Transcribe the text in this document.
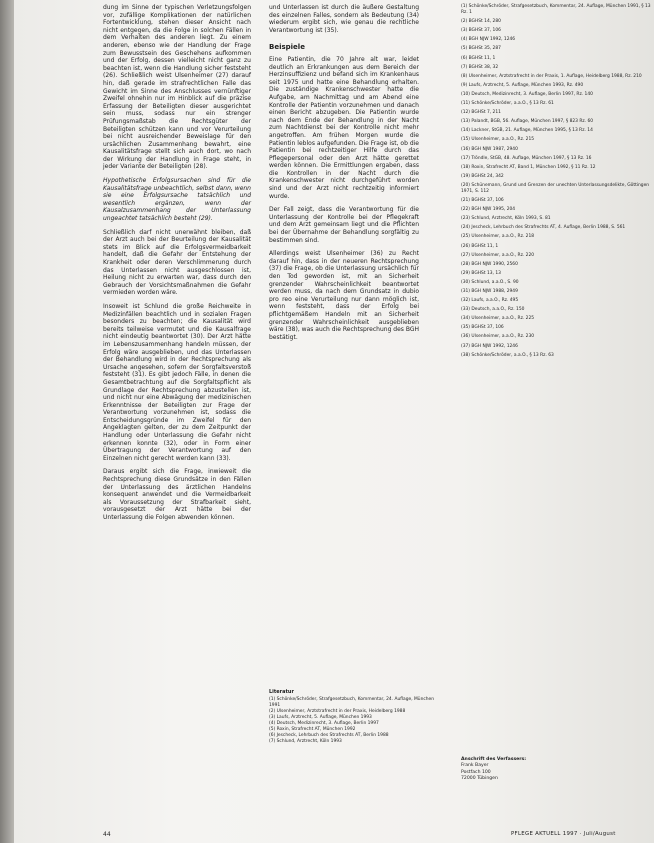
dung im Sinne der typischen Verletzungsfolgen vor, zufällige Komplikationen der natürlichen Fortentwicklung, stehen dieser Ansicht nach nicht entgegen, da die Folge in solchen Fällen in dem Verhalten des anderen liegt. Zu einem anderen, ebenso wie der Handlung der Frage zum Bewusstsein des Geschehens aufkommen und der Erfolg, dessen vielleicht nicht ganz zu beachten ist, wenn die Handlung sicher feststeht (26). Schließlich weist Ulsenheimer (27) darauf hin, daß gerade im strafrechtlichen Falle das Gewicht im Sinne des Anschlusses vernünftiger Zweifel ohnehin nur im Hinblick auf die präzise Erfassung der Beteiligten dieser ausgerichtet sein muss, sodass nur ein strenger Prüfungsmaßstab die Rechtsgüter der Beteiligten schützen kann und vor Verurteilung bei nicht ausreichender Beweislage für den ursächlichen Zusammenhang bewahrt, eine Kausalitätsfrage stellt sich auch dort, wo nach der Wirkung der Handlung in Frage steht, in jeder Variante der Beteiligten (28).

Hypothetische Erfolgsursachen sind für die Kausalitätsfrage unbeachtlich, selbst dann, wenn sie eine Erfolgsursache tatsächlich und wesentlich ergänzen, wenn der Kausalzusammenhang der Unterlassung ungeachtet tatsächlich besteht (29).

Schließlich darf nicht unerwähnt bleiben, daß der Arzt auch bei der Beurteilung der Kausalität stets im Blick auf die Erfolgsvermeidbarkeit handelt, daß die Gefahr der Entstehung der Krankheit oder deren Verschlimmerung durch das Unterlassen nicht ausgeschlossen ist, Heilung nicht zu erwarten war, dass durch den Gebrauch der Vorsichtsmaßnahmen die Gefahr vermieden worden wäre.

Insoweit ist Schlund die große Reichweite in Medizinfällen beachtlich und in sozialen Fragen besonders zu beachten; die Kausalität wird bereits teilweise vermutet und die Kausalfrage nicht eindeutig beantwortet (30). Der Arzt hätte im Lebenszusammenhang handeln müssen, der Erfolg wäre ausgeblieben, und das Unterlassen der Behandlung wird in der Rechtsprechung als Ursache angesehen, sofern der Sorgfaltsverstoß feststeht (31). Es gibt jedoch Fälle, in denen die Gesamtbetrachtung auf die Sorgfaltspflicht als Grundlage der Rechtsprechung abzustellen ist, und nicht nur eine Abwägung der medizinischen Erkenntnisse der Beteiligten zur Frage der Verantwortung vorzunehmen ist, sodass die Entscheidungsgründe im Zweifel für den Angeklagten gelten, der zu dem Zeitpunkt der Handlung oder Unterlassung die Gefahr nicht erkennen konnte (32), oder in Form einer Übertragung der Verantwortung auf den Einzelnen nicht gerecht werden kann (33).

Daraus ergibt sich die Frage, inwieweit die Rechtsprechung diese Grundsätze in den Fällen der Unterlassung des ärztlichen Handelns konsequent anwendet und die Vermeidbarkeit als Voraussetzung der Strafbarkeit sieht, vorausgesetzt der Arzt hätte bei der Unterlassung die Folgen abwenden können.

und Unterlassen ist durch die äußere Gestaltung des einzelnen Falles, sondern als Bedeutung (34) wiederum ergibt sich, wie genau die rechtliche Verantwortung ist (35).

Beispiele

Eine Patientin, die 70 Jahre alt war, leidet deutlich an Erkrankungen aus dem Bereich der Herzinsuffizienz und befand sich im Krankenhaus seit 1975 und hatte eine Behandlung erhalten. Die zuständige Krankenschwester hatte die Aufgabe, am Nachmittag und am Abend eine Kontrolle der Patientin vorzunehmen und danach einen Bericht abzugeben. Die Patientin wurde nach dem Ende der Behandlung in der Nacht zum Nachtdienst bei der Kontrolle nicht mehr angetroffen. Am frühen Morgen wurde die Patientin leblos aufgefunden. Die Frage ist, ob die Patientin bei rechtzeitiger Hilfe durch das Pflegepersonal oder den Arzt hätte gerettet werden können. Die Ermittlungen ergaben, dass die Kontrollen in der Nacht durch die Krankenschwester nicht durchgeführt worden sind und der Arzt nicht rechtzeitig informiert wurde.

Der Fall zeigt, dass die Verantwortung für die Unterlassung der Kontrolle bei der Pflegekraft und dem Arzt gemeinsam liegt und die Pflichten bei der Übernahme der Behandlung sorgfältig zu bestimmen sind.

Allerdings weist Ulsenheimer (36) zu Recht darauf hin, dass in der neueren Rechtsprechung (37) die Frage, ob die Unterlassung ursächlich für den Tod geworden ist, mit an Sicherheit grenzender Wahrscheinlichkeit beantwortet werden muss, da nach dem Grundsatz in dubio pro reo eine Verurteilung nur dann möglich ist, wenn feststeht, dass der Erfolg bei pflichtgemäßem Handeln mit an Sicherheit grenzender Wahrscheinlichkeit ausgeblieben wäre (38), was auch die Rechtsprechung des BGH bestätigt.

Literatur
(1) Schönke/Schröder, Strafgesetzbuch, Kommentar, 24. Auflage, München 1991
(2) Ulsenheimer, Arztstrafrecht in der Praxis, Heidelberg 1988
(3) Laufs, Arztrecht, 5. Auflage, München 1993
(4) Deutsch, Medizinrecht, 3. Auflage, Berlin 1997
(5) Roxin, Strafrecht AT, München 1992
(6) Jescheck, Lehrbuch des Strafrechts AT, Berlin 1988
(7) Schlund, Arztrecht, Köln 1993
(1) Schönke/Schröder, Strafgesetzbuch, Kommentar, 24. Auflage, München 1991, § 13 Rz. 1
(2) BGHSt 14, 280
(3) BGHSt 37, 106
(4) BGH NJW 1992, 1246
(5) BGHSt 35, 287
(6) BGHSt 11, 1
(7) BGHSt 38, 32
(8) Ulsenheimer, Arztstrafrecht in der Praxis, 1. Auflage, Heidelberg 1988, Rz. 210
(9) Laufs, Arztrecht, 5. Auflage, München 1993, Rz. 490
(10) Deutsch, Medizinrecht, 3. Auflage, Berlin 1997, Rz. 140
(11) Schönke/Schröder, a.a.O., § 13 Rz. 61
(12) BGHSt 7, 211
(13) Palandt, BGB, 56. Auflage, München 1997, § 823 Rz. 60
(14) Lackner, StGB, 21. Auflage, München 1995, § 13 Rz. 14
(15) Ulsenheimer, a.a.O., Rz. 215
(16) BGH NJW 1987, 2940
(17) Tröndle, StGB, 48. Auflage, München 1997, § 13 Rz. 16
(18) Roxin, Strafrecht AT, Band 1, München 1992, § 11 Rz. 12
(19) BGHSt 24, 342
(20) Schünemann, Grund und Grenzen der unechten Unterlassungsdelikte, Göttingen 1971, S. 112
(21) BGHSt 37, 106
(22) BGH NJW 1995, 204
(23) Schlund, Arztrecht, Köln 1993, S. 81
(24) Jescheck, Lehrbuch des Strafrechts AT, 4. Auflage, Berlin 1988, S. 561
(25) Ulsenheimer, a.a.O., Rz. 218
(26) BGHSt 11, 1
(27) Ulsenheimer, a.a.O., Rz. 220
(28) BGH NJW 1990, 2560
(29) BGHSt 13, 13
(30) Schlund, a.a.O., S. 90
(31) BGH NJW 1988, 2949
(32) Laufs, a.a.O., Rz. 495
(33) Deutsch, a.a.O., Rz. 150
(34) Ulsenheimer, a.a.O., Rz. 225
(35) BGHSt 37, 106
(36) Ulsenheimer, a.a.O., Rz. 230
(37) BGH NJW 1992, 1246
(38) Schönke/Schröder, a.a.O., § 13 Rz. 63
Anschrift des Verfassers:
Frank Bayer
Postfach 100
72000 Tübingen
44	PFLEGE AKTUELL 1997 · Juli/August
